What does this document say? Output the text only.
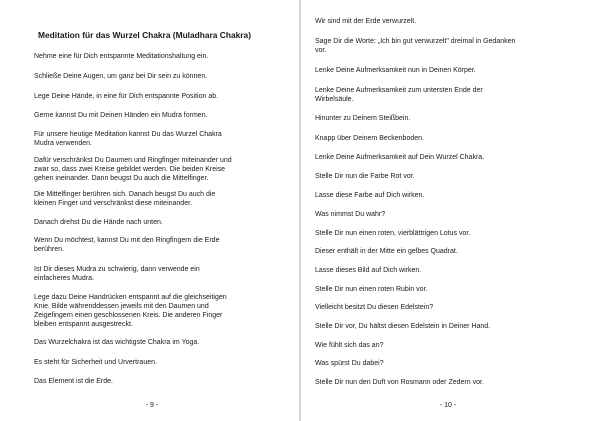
Meditation für das Wurzel Chakra (Muladhara Chakra)
Nehme eine für Dich entspannte Meditationshaltung ein.
Schließe Deine Augen, um ganz bei Dir sein zu können.
Lege Deine Hände, in eine für Dich entspannte Position ab.
Gerne kannst Du mit Deinen Händen ein Mudra formen.
Für unsere heutige Meditation kannst Du das Wurzel Chakra
Mudra verwenden.
Dafür verschränkst Du Daumen und Ringfinger miteinander und
zwar so, dass zwei Kreise gebildet werden. Die beiden Kreise
gehen ineinander. Dann beugst Du auch die Mittelfinger.
Die Mittelfinger berühren sich. Danach beugst Du auch die
kleinen Finger und verschränkst diese miteinander.
Danach drehst Du die Hände nach unten.
Wenn Du möchtest, kannst Du mit den Ringfingern die Erde
berühren.
Ist Dir dieses Mudra zu schwierig, dann verwende ein
einfacheres Mudra.
Lege dazu Deine Handrücken entspannt auf die gleichseitigen
Knie. Bilde währenddessen jeweils mit den Daumen und
Zeigefingern einen geschlossenen Kreis. Die anderen Finger
bleiben entspannt ausgestreckt.
Das Wurzelchakra ist das wichtigste Chakra im Yoga.
Es steht für Sicherheit und Urvertrauen.
Das Element ist die Erde.
- 9 -
Wir sind mit der Erde verwurzelt.
Sage Dir die Worte: „Ich bin gut verwurzelt" dreimal in Gedanken
vor.
Lenke Deine Aufmerksamkeit nun in Deinen Körper.
Lenke Deine Aufmerksamkeit zum untersten Ende der
Wirbelsäule.
Hinunter zu Deinem Steißbein.
Knapp über Deinem Beckenboden.
Lenke Deine Aufmerksamkeit auf Dein Wurzel Chakra.
Stelle Dir nun die Farbe Rot vor.
Lasse diese Farbe auf Dich wirken.
Was nimmst Du wahr?
Stelle Dir nun einen roten, vierblättrigen Lotus vor.
Dieser enthält in der Mitte ein gelbes Quadrat.
Lasse dieses Bild auf Dich wirken.
Stelle Dir nun einen roten Rubin vor.
Vielleicht besitzt Du diesen Edelstein?
Stelle Dir vor, Du hältst diesen Edelstein in Deiner Hand.
Wie fühlt sich das an?
Was spürst Du dabei?
Stelle Dir nun den Duft von Rosmarin oder Zedern vor.
- 10 -
